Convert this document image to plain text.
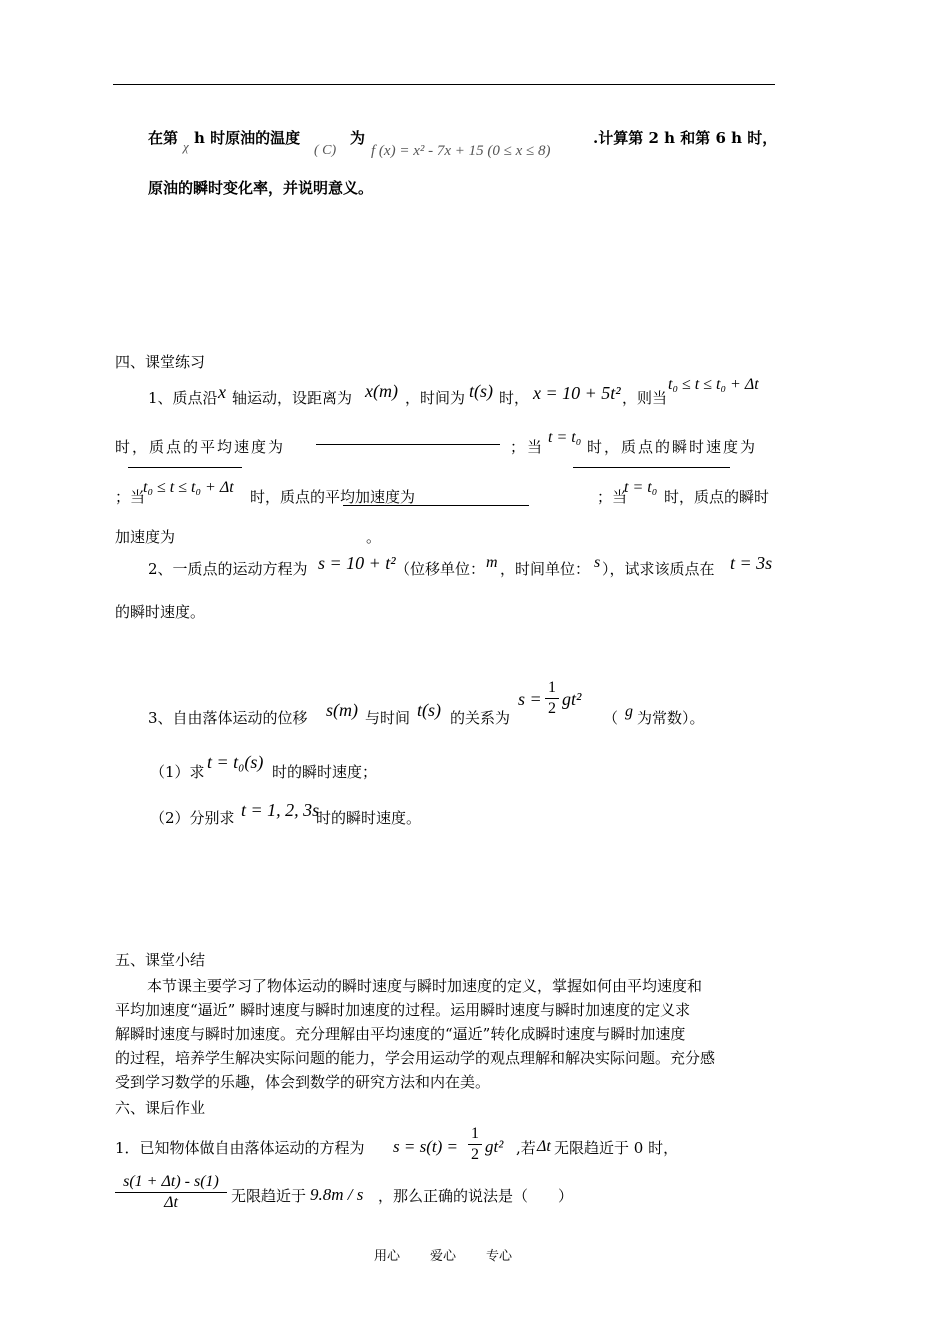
在第 χ h 时原油的温度
( C)
为
f (x) = x² - 7x + 15 (0 ≤ x ≤ 8)
.计算第 2 h 和第 6 h 时，
原油的瞬时变化率，并说明意义。
四、课堂练习
1、质点沿 x 轴运动，设距离为 x(m) ，时间为 t(s) 时， x = 10 + 5t² ，则当
t₀ ≤ t ≤ t₀ + Δt
时，质点的平均速度为	；当
t = t₀
时，质点的瞬时速度为
；当
t₀ ≤ t ≤ t₀ + Δt
时，质点的平均加速度为	；当
t = t₀
时，质点的瞬时
加速度为	。
2、一质点的运动方程为 s = 10 + t² （位移单位： m ，时间单位： s ），试求该质点在 t = 3s
的瞬时速度。
3、自由落体运动的位移 s(m) 与时间 t(s) 的关系为
s =
1
2 gt²
（ g 为常数）。
（1）求 t = t₀(s) 时的瞬时速度；
（2）分别求 t = 1, 2, 3s
时的瞬时速度。
五、课堂小结
本节课主要学习了物体运动的瞬时速度与瞬时加速度的定义，掌握如何由平均速度和
平均加速度“逼近” 瞬时速度与瞬时加速度的过程。运用瞬时速度与瞬时加速度的定义求
解瞬时速度与瞬时加速度。充分理解由平均速度的“逼近”转化成瞬时速度与瞬时加速度
的过程，培养学生解决实际问题的能力，学会用运动学的观点理解和解决实际问题。充分感
受到学习数学的乐趣，体会到数学的研究方法和内在美。
六、课后作业
1．已知物体做自由落体运动的方程为 s = s(t) =
1
2 gt² ,若 Δt 无限趋近于 0 时，
s(1 + Δt) - s(1)
Δt	无限趋近于 9.8m / s ，那么正确的说法是（　　）
用心 爱心 专心
